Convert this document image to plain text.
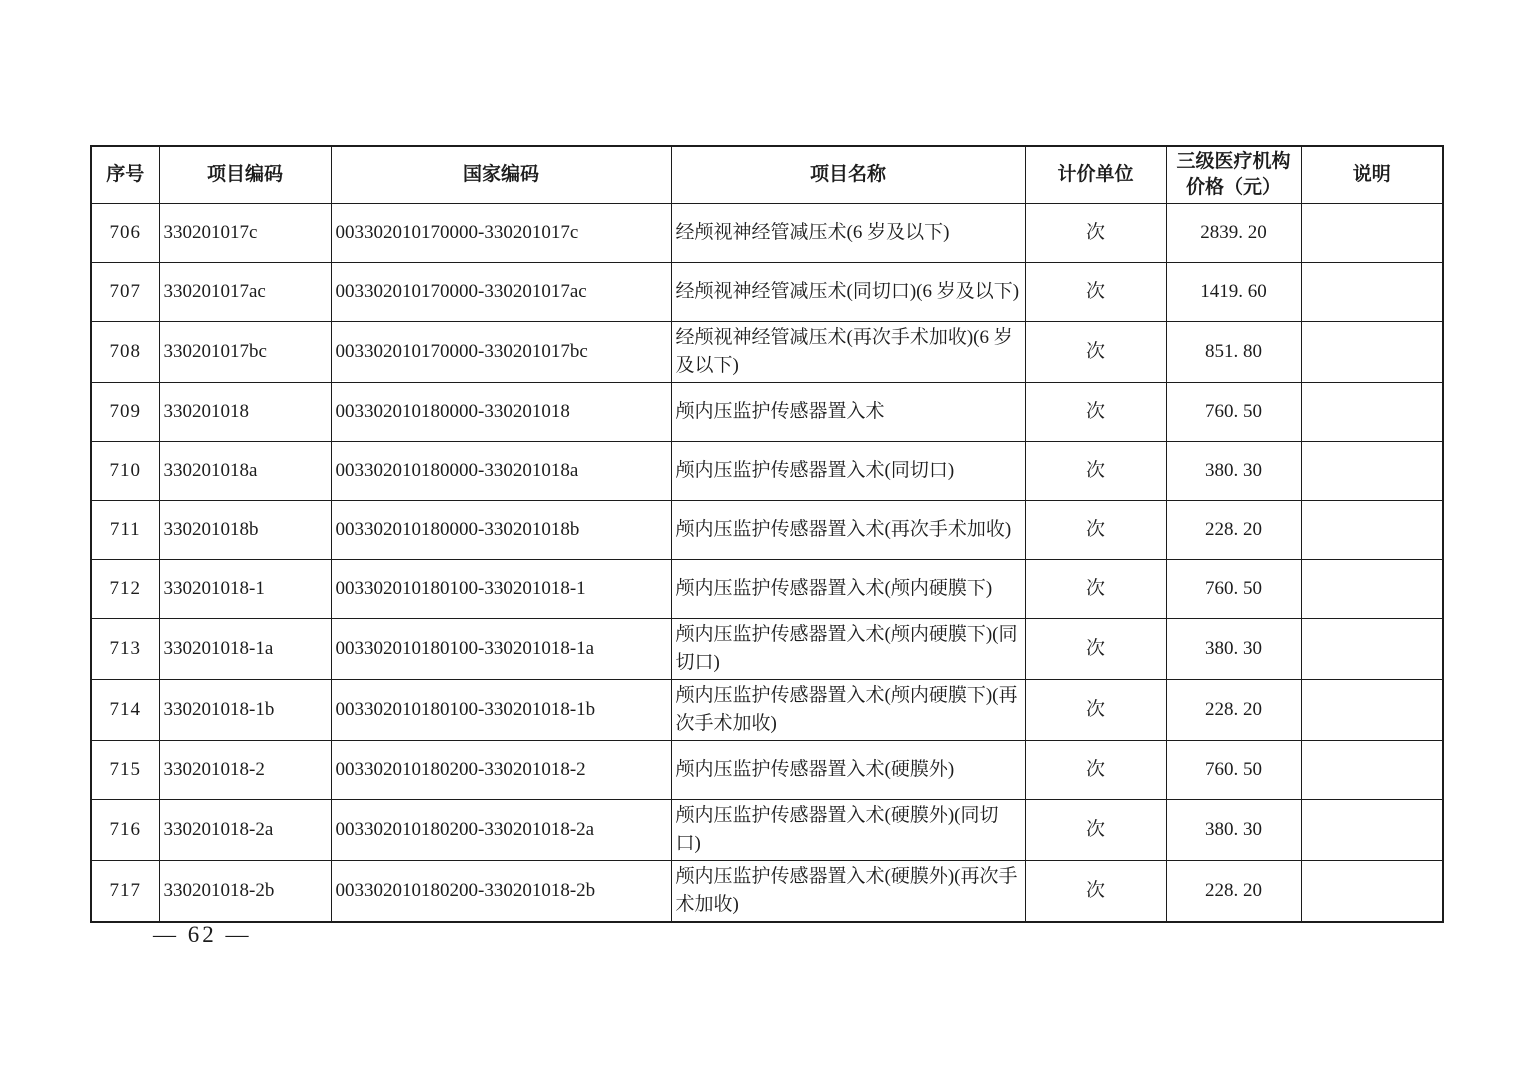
序号	项目编码	国家编码	项目名称	计价单位	三级医疗机构价格（元）	说明
706	330201017c	003302010170000-330201017c	经颅视神经管减压术(6 岁及以下)	次	2839. 20	
707	330201017ac	003302010170000-330201017ac	经颅视神经管减压术(同切口)(6 岁及以下)	次	1419. 60	
708	330201017bc	003302010170000-330201017bc	经颅视神经管减压术(再次手术加收)(6 岁及以下)	次	851. 80	
709	330201018	003302010180000-330201018	颅内压监护传感器置入术	次	760. 50	
710	330201018a	003302010180000-330201018a	颅内压监护传感器置入术(同切口)	次	380. 30	
711	330201018b	003302010180000-330201018b	颅内压监护传感器置入术(再次手术加收)	次	228. 20	
712	330201018-1	003302010180100-330201018-1	颅内压监护传感器置入术(颅内硬膜下)	次	760. 50	
713	330201018-1a	003302010180100-330201018-1a	颅内压监护传感器置入术(颅内硬膜下)(同切口)	次	380. 30	
714	330201018-1b	003302010180100-330201018-1b	颅内压监护传感器置入术(颅内硬膜下)(再次手术加收)	次	228. 20	
715	330201018-2	003302010180200-330201018-2	颅内压监护传感器置入术(硬膜外)	次	760. 50	
716	330201018-2a	003302010180200-330201018-2a	颅内压监护传感器置入术(硬膜外)(同切口)	次	380. 30	
717	330201018-2b	003302010180200-330201018-2b	颅内压监护传感器置入术(硬膜外)(再次手术加收)	次	228. 20	
— 62 —
